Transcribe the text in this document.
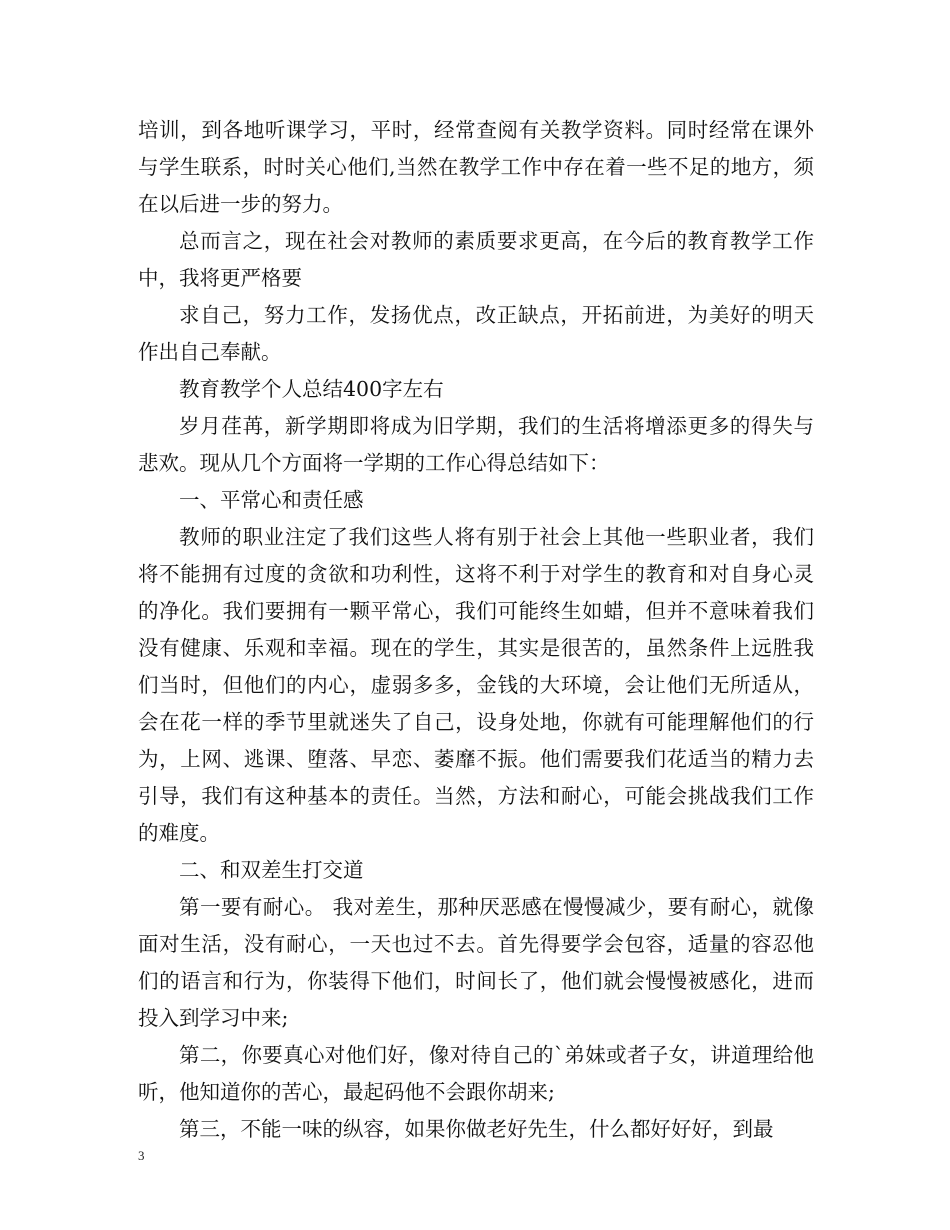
培训，到各地听课学习，平时，经常查阅有关教学资料。同时经常在课外与学生联系，时时关心他们,当然在教学工作中存在着一些不足的地方，须在以后进一步的努力。

总而言之，现在社会对教师的素质要求更高，在今后的教育教学工作中，我将更严格要

求自己，努力工作，发扬优点，改正缺点，开拓前进，为美好的明天作出自己奉献。

教育教学个人总结400字左右

岁月荏苒，新学期即将成为旧学期，我们的生活将增添更多的得失与悲欢。现从几个方面将一学期的工作心得总结如下：

一、平常心和责任感

教师的职业注定了我们这些人将有别于社会上其他一些职业者，我们将不能拥有过度的贪欲和功利性，这将不利于对学生的教育和对自身心灵的净化。我们要拥有一颗平常心，我们可能终生如蜡，但并不意味着我们没有健康、乐观和幸福。现在的学生，其实是很苦的，虽然条件上远胜我们当时，但他们的内心，虚弱多多，金钱的大环境，会让他们无所适从，会在花一样的季节里就迷失了自己，设身处地，你就有可能理解他们的行为，上网、逃课、堕落、早恋、萎靡不振。他们需要我们花适当的精力去引导，我们有这种基本的责任。当然，方法和耐心，可能会挑战我们工作的难度。

二、和双差生打交道

第一要有耐心。 我对差生，那种厌恶感在慢慢减少，要有耐心，就像面对生活，没有耐心，一天也过不去。首先得要学会包容，适量的容忍他们的语言和行为，你装得下他们，时间长了，他们就会慢慢被感化，进而投入到学习中来;

第二，你要真心对他们好，像对待自己的`弟妹或者子女，讲道理给他听，他知道你的苦心，最起码他不会跟你胡来;

第三，不能一味的纵容，如果你做老好先生，什么都好好好，到最

3
